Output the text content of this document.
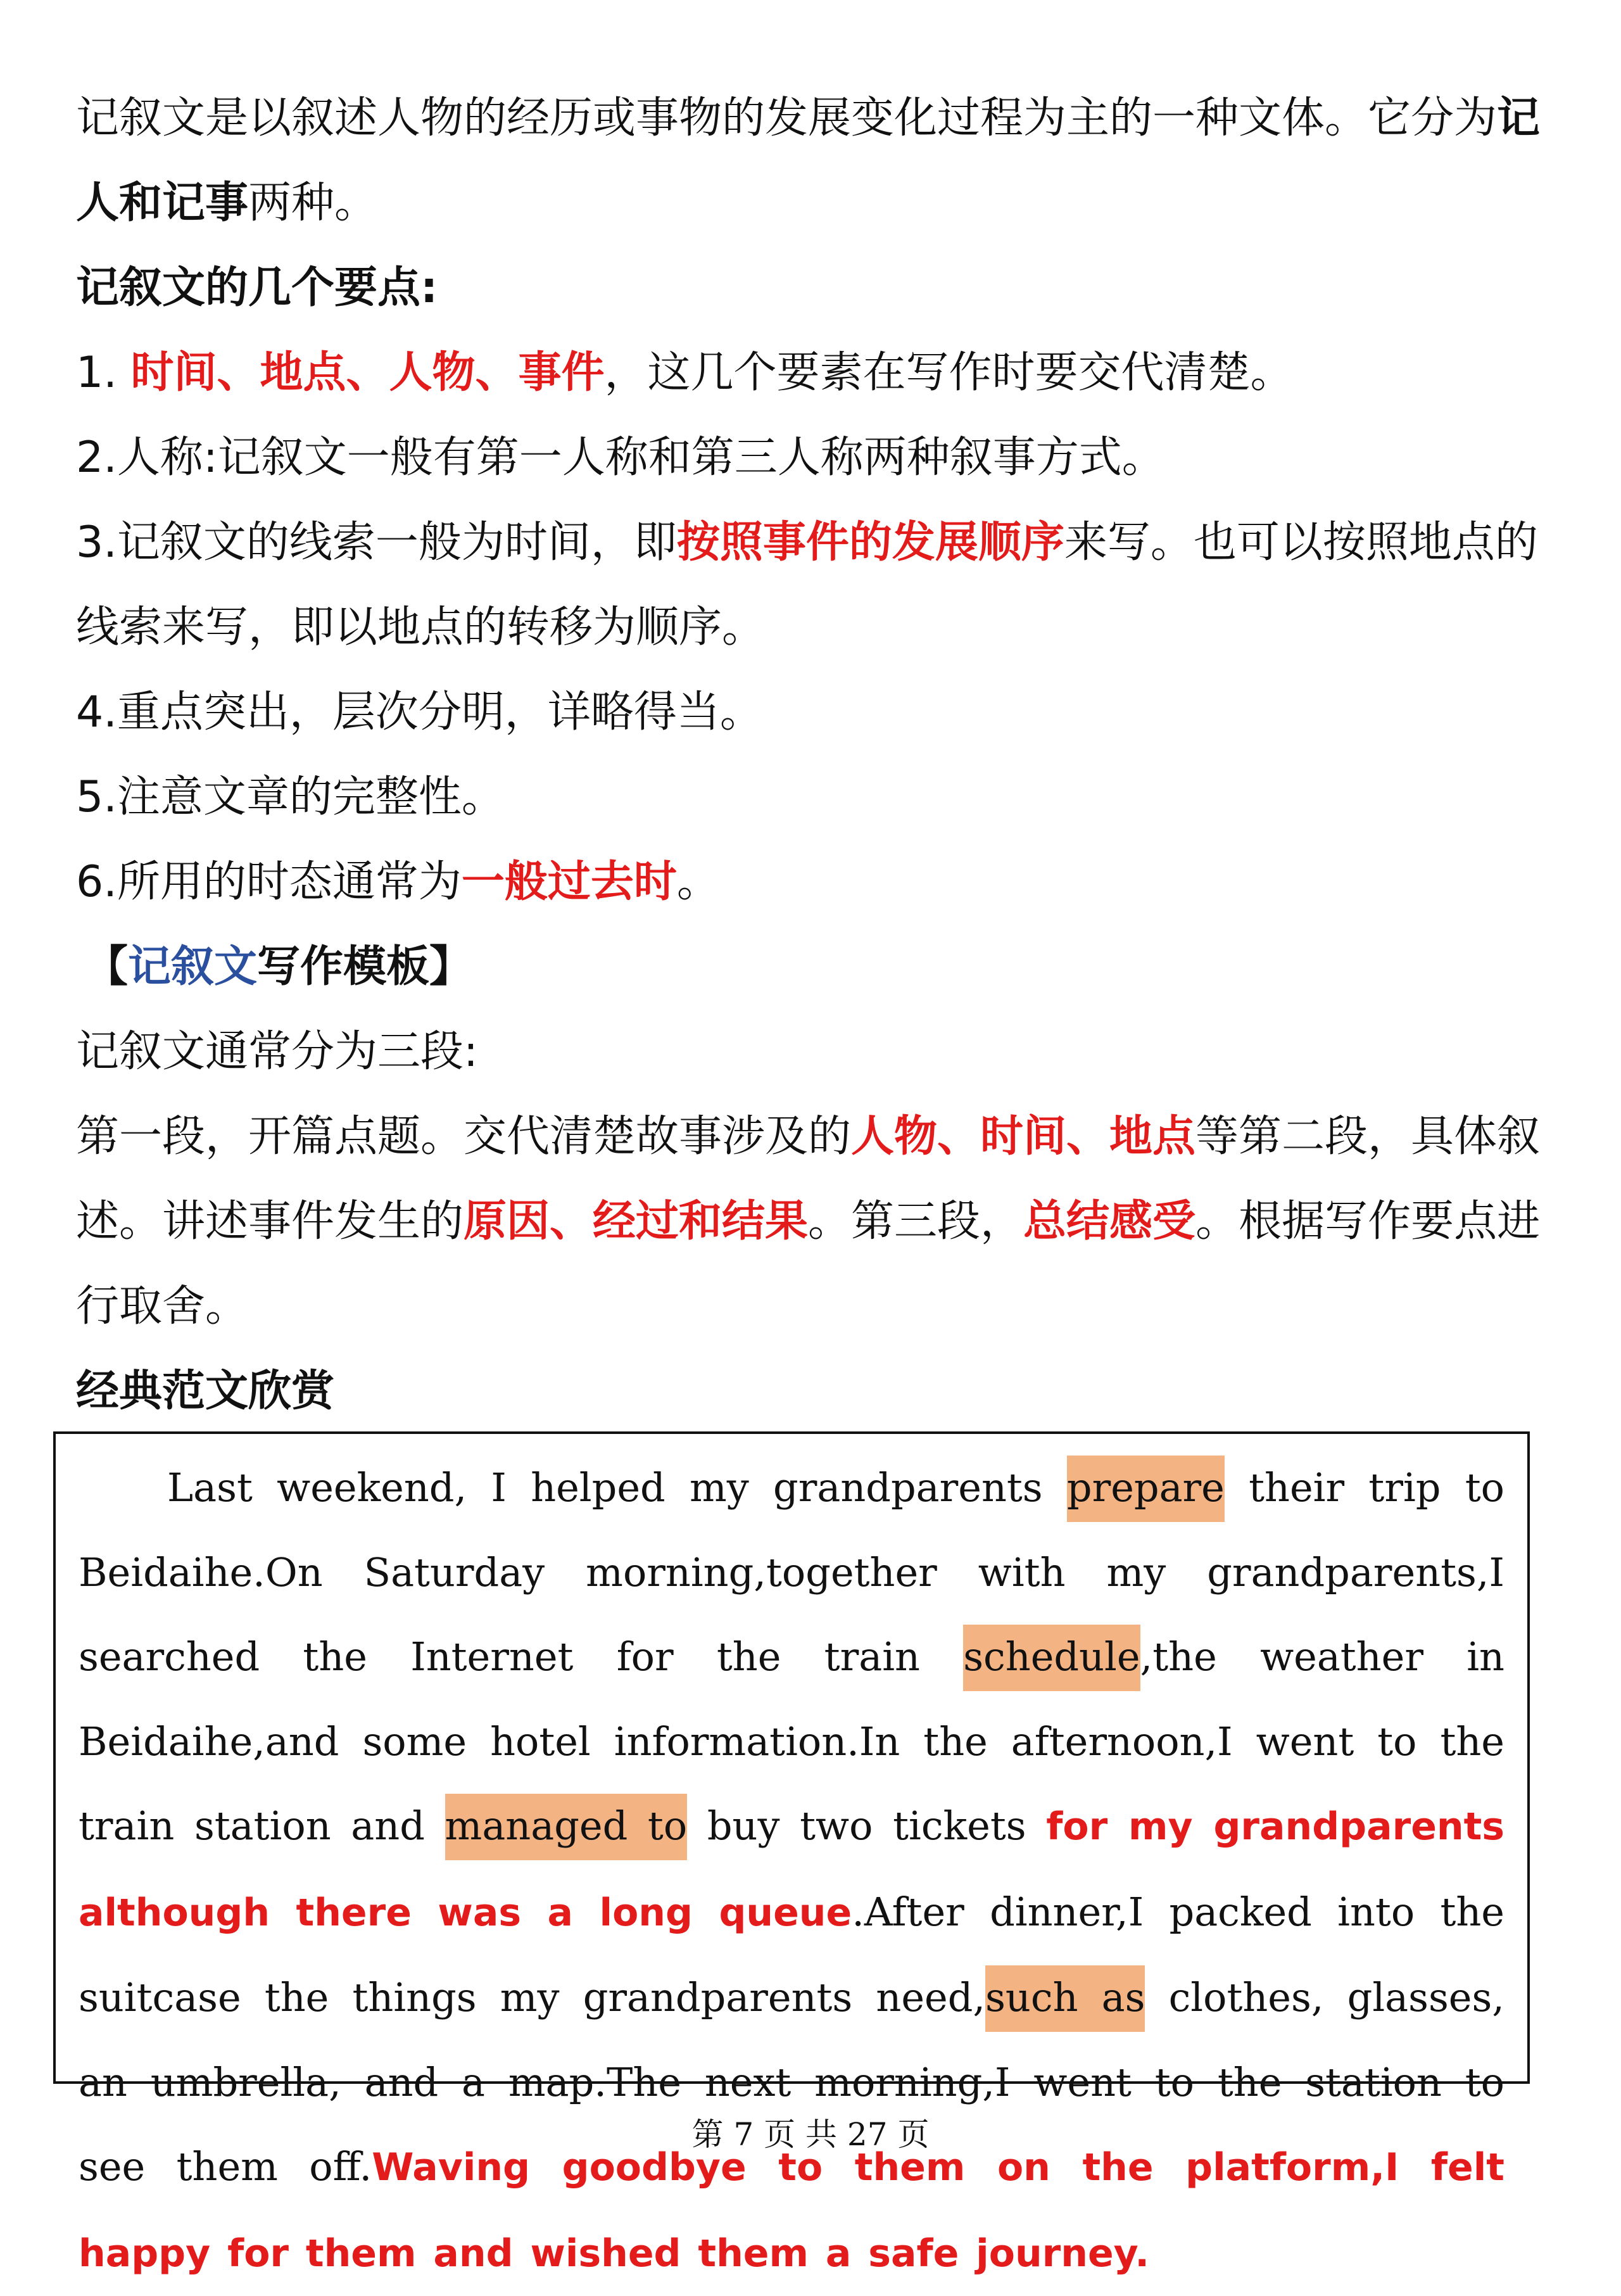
记叙文是以叙述人物的经历或事物的发展变化过程为主的一种文体。它分为记人和记事两种。

记叙文的几个要点:

1. 时间、地点、人物、事件，这几个要素在写作时要交代清楚。

2.人称:记叙文一般有第一人称和第三人称两种叙事方式。

3.记叙文的线索一般为时间，即按照事件的发展顺序来写。也可以按照地点的线索来写，即以地点的转移为顺序。

4.重点突出，层次分明，详略得当。

5.注意文章的完整性。

6.所用的时态通常为一般过去时。

【记叙文写作模板】

记叙文通常分为三段:

第一段，开篇点题。交代清楚故事涉及的人物、时间、地点等第二段，具体叙述。讲述事件发生的原因、经过和结果。第三段，总结感受。根据写作要点进行取舍。

经典范文欣赏

Last weekend, I helped my grandparents prepare their trip to Beidaihe.On Saturday morning,together with my grandparents,I searched the Internet for the train schedule,the weather in Beidaihe,and some hotel information.In the afternoon,I went to the train station and managed to buy two tickets for my grandparents although there was a long queue.After dinner,I packed into the suitcase the things my grandparents need,such as clothes, glasses, an umbrella, and a map.The next morning,I went to the station to see them off.Waving goodbye to them on the platform,I felt happy for them and wished them a safe journey.

第 7 页 共 27 页
